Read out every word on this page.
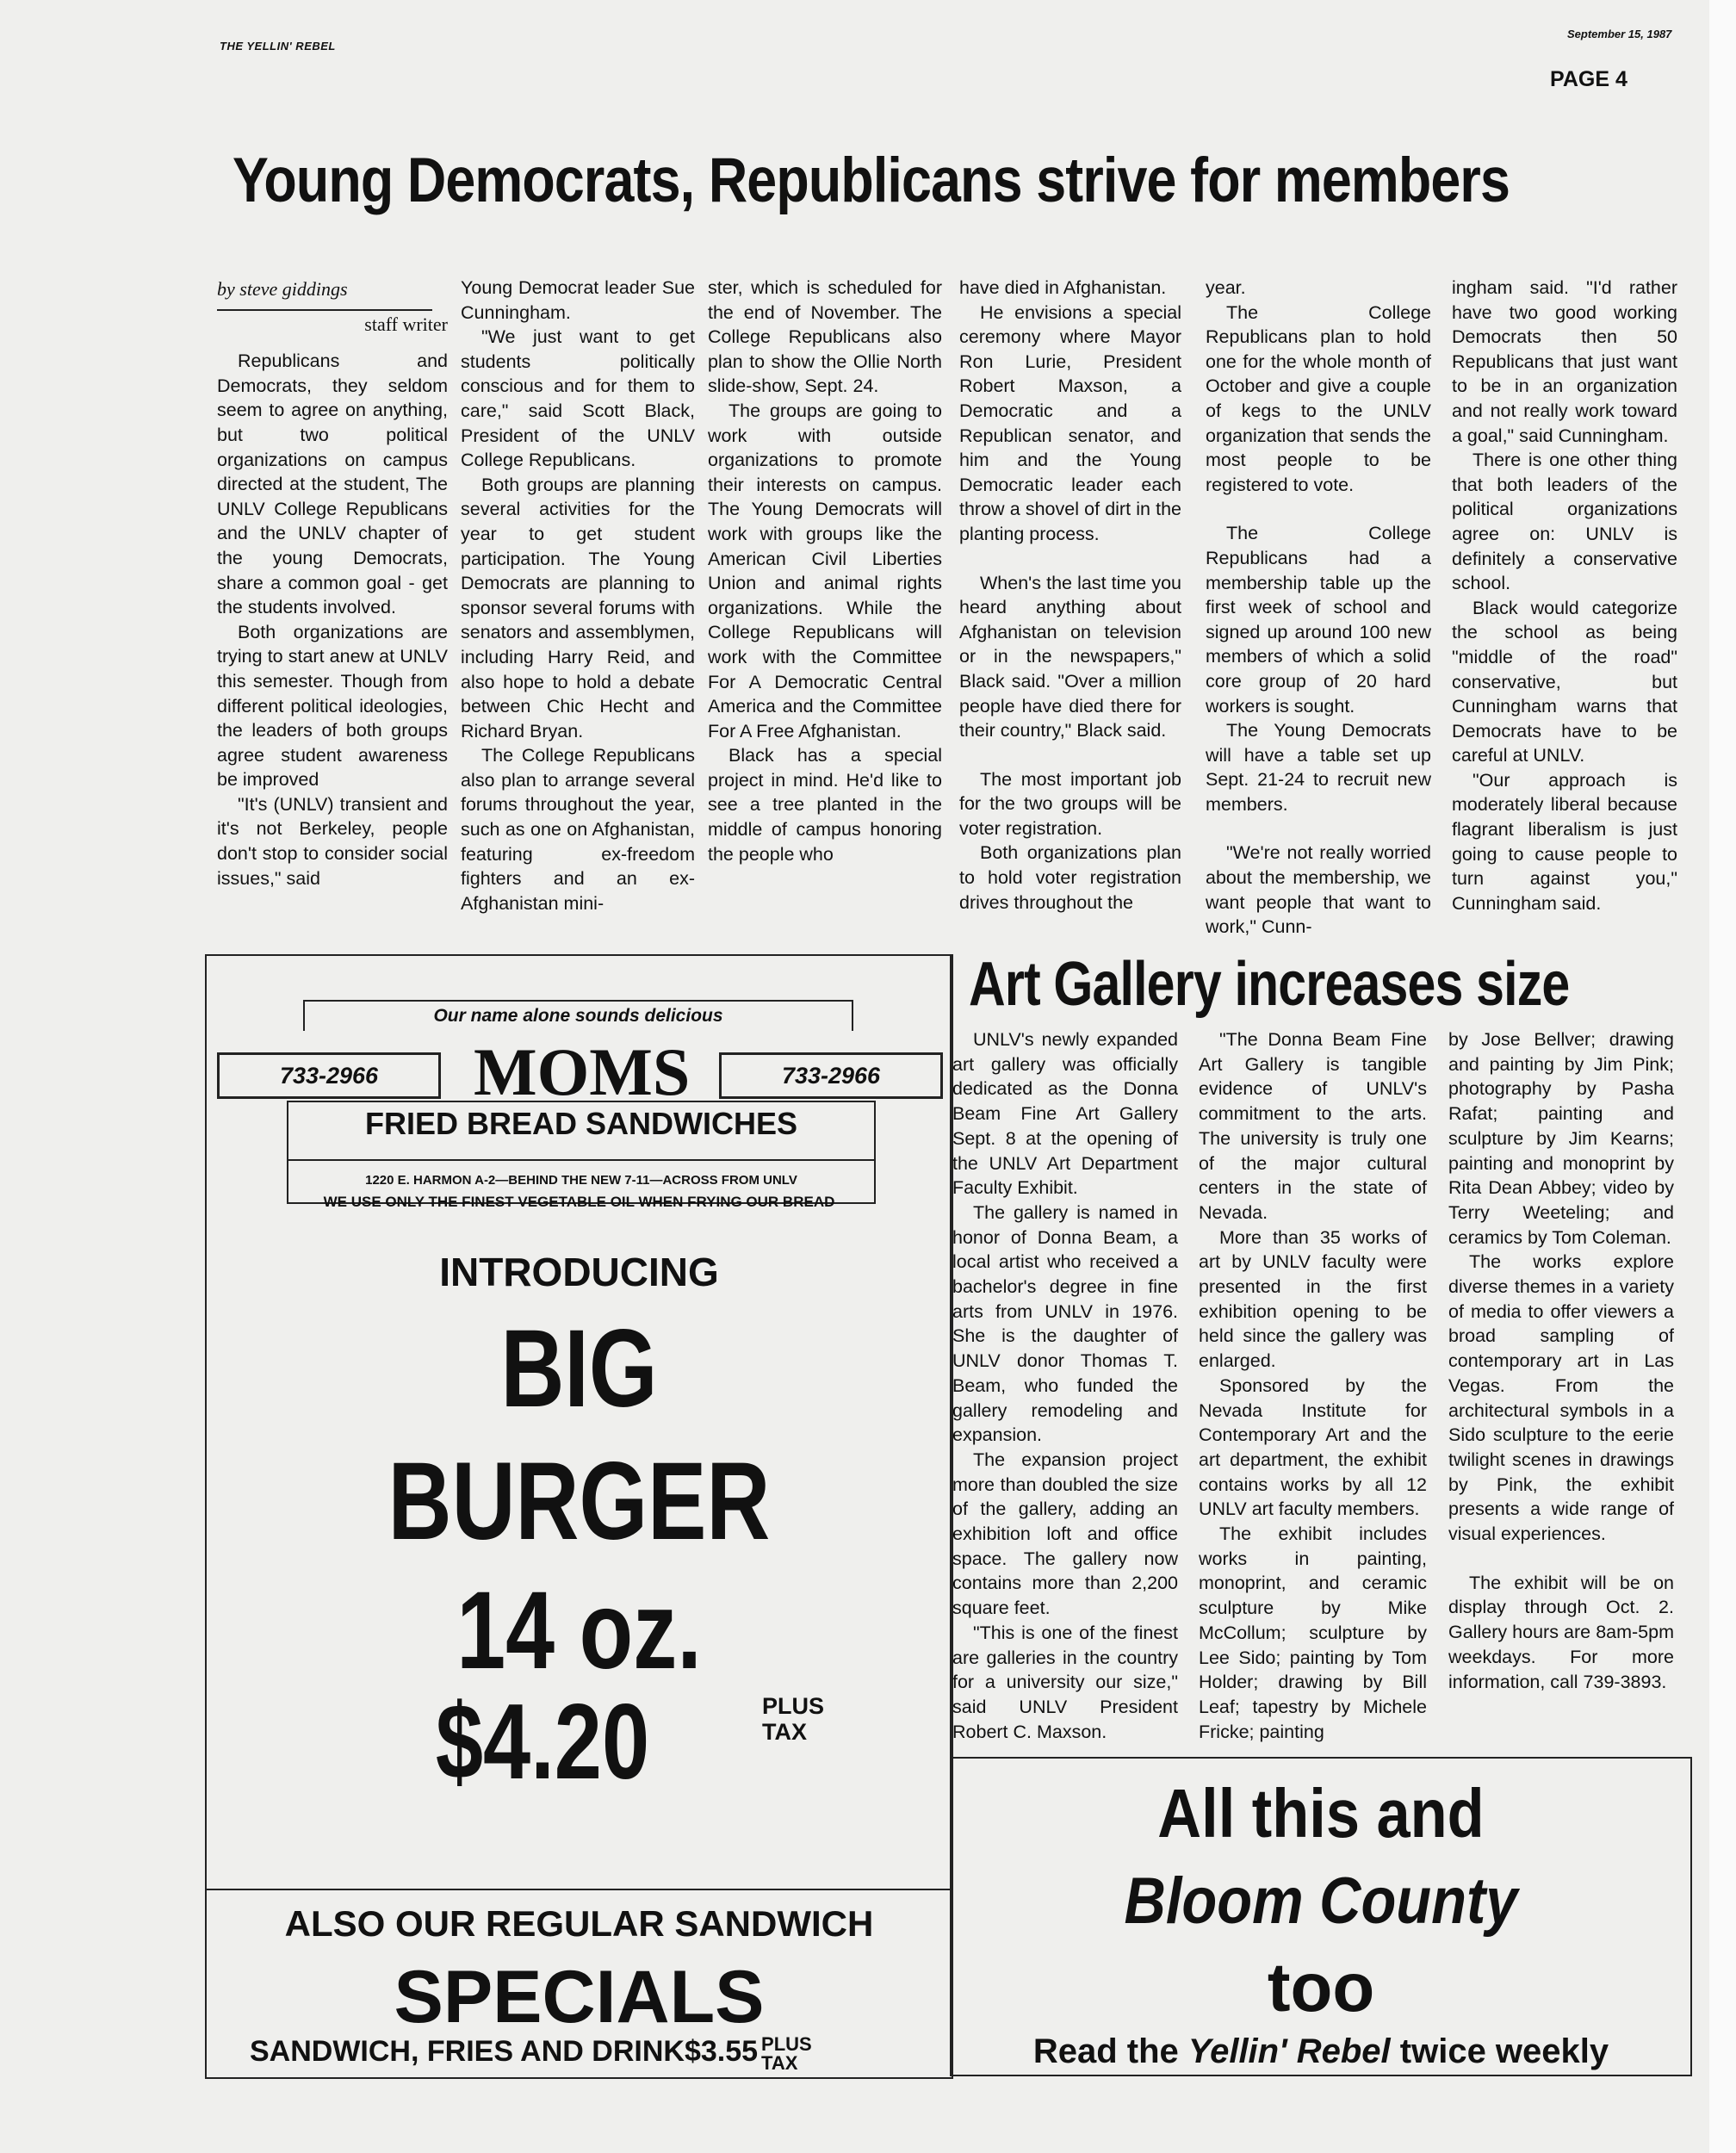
THE YELLIN' REBEL
September 15, 1987
PAGE 4
Young Democrats, Republicans strive for members
by steve giddings
staff writer

Republicans and Democrats, they seldom seem to agree on anything, but two political organizations on campus directed at the student, The UNLV College Republicans and the UNLV chapter of the young Democrats, share a common goal - get the students involved.

Both organizations are trying to start anew at UNLV this semester. Though from different political ideologies, the leaders of both groups agree student awareness be improved

"It's (UNLV) transient and it's not Berkeley, people don't stop to consider social issues," said

Young Democrat leader Sue Cunningham.

"We just want to get students politically conscious and for them to care," said Scott Black, President of the UNLV College Republicans.

Both groups are planning several activities for the year to get student participation. The Young Democrats are planning to sponsor several forums with senators and assemblymen, including Harry Reid, and also hope to hold a debate between Chic Hecht and Richard Bryan.

The College Republicans also plan to arrange several forums throughout the year, such as one on Afghanistan, featuring ex-freedom fighters and an ex-Afghanistan mini-

ster, which is scheduled for the end of November. The College Republicans also plan to show the Ollie North slide-show, Sept. 24.

The groups are going to work with outside organizations to promote their interests on campus. The Young Democrats will work with groups like the American Civil Liberties Union and animal rights organizations. While the College Republicans will work with the Committee For A Democratic Central America and the Committee For A Free Afghanistan.

Black has a special project in mind. He'd like to see a tree planted in the middle of campus honoring the people who

have died in Afghanistan.

He envisions a special ceremony where Mayor Ron Lurie, President Robert Maxson, a Democratic and a Republican senator, and him and the Young Democratic leader each throw a shovel of dirt in the planting process.

When's the last time you heard anything about Afghanistan on television or in the newspapers," Black said. "Over a million people have died there for their country," Black said.

The most important job for the two groups will be voter registration.

Both organizations plan to hold voter registration drives throughout the

year.

The College Republicans plan to hold one for the whole month of October and give a couple of kegs to the UNLV organization that sends the most people to be registered to vote.

The College Republicans had a membership table up the first week of school and signed up around 100 new members of which a solid core group of 20 hard workers is sought.

The Young Democrats will have a table set up Sept. 21-24 to recruit new members.

"We're not really worried about the membership, we want people that want to work," Cunn-

ingham said. "I'd rather have two good working Democrats then 50 Republicans that just want to be in an organization and not really work toward a goal," said Cunningham.

There is one other thing that both leaders of the political organizations agree on: UNLV is definitely a conservative school.

Black would categorize the school as being "middle of the road" conservative, but Cunningham warns that Democrats have to be careful at UNLV.

"Our approach is moderately liberal because flagrant liberalism is just going to cause people to turn against you," Cunningham said.

Our name alone sounds delicious
733-2966	733-2966
MOMS
FRIED BREAD SANDWICHES
1220 E. HARMON A-2—BEHIND THE NEW 7-11—ACROSS FROM UNLV
WE USE ONLY THE FINEST VEGETABLE OIL WHEN FRYING OUR BREAD
INTRODUCING
BIG
BURGER
14 oz.
$4.20	PLUS
TAX
ALSO OUR REGULAR SANDWICH
SPECIALS
SANDWICH, FRIES AND DRINK$3.55 PLUS
TAX
Art Gallery increases size

UNLV's newly expanded art gallery was officially dedicated as the Donna Beam Fine Art Gallery Sept. 8 at the opening of the UNLV Art Department Faculty Exhibit.

The gallery is named in honor of Donna Beam, a local artist who received a bachelor's degree in fine arts from UNLV in 1976. She is the daughter of UNLV donor Thomas T. Beam, who funded the gallery remodeling and expansion.

The expansion project more than doubled the size of the gallery, adding an exhibition loft and office space. The gallery now contains more than 2,200 square feet.

"This is one of the finest are galleries in the country for a university our size," said UNLV President Robert C. Maxson.

"The Donna Beam Fine Art Gallery is tangible evidence of UNLV's commitment to the arts. The university is truly one of the major cultural centers in the state of Nevada.

More than 35 works of art by UNLV faculty were presented in the first exhibition opening to be held since the gallery was enlarged.

Sponsored by the Nevada Institute for Contemporary Art and the art department, the exhibit contains works by all 12 UNLV art faculty members.

The exhibit includes works in painting, monoprint, and ceramic sculpture by Mike McCollum; sculpture by Lee Sido; painting by Tom Holder; drawing by Bill Leaf; tapestry by Michele Fricke; painting

by Jose Bellver; drawing and painting by Jim Pink; photography by Pasha Rafat; painting and sculpture by Jim Kearns; painting and monoprint by Rita Dean Abbey; video by Terry Weeteling; and ceramics by Tom Coleman.

The works explore diverse themes in a variety of media to offer viewers a broad sampling of contemporary art in Las Vegas. From the architectural symbols in a Sido sculpture to the eerie twilight scenes in drawings by Pink, the exhibit presents a wide range of visual experiences.

The exhibit will be on display through Oct. 2. Gallery hours are 8am-5pm weekdays. For more information, call 739-3893.

All this and
Bloom County
too
Read the Yellin' Rebel twice weekly
